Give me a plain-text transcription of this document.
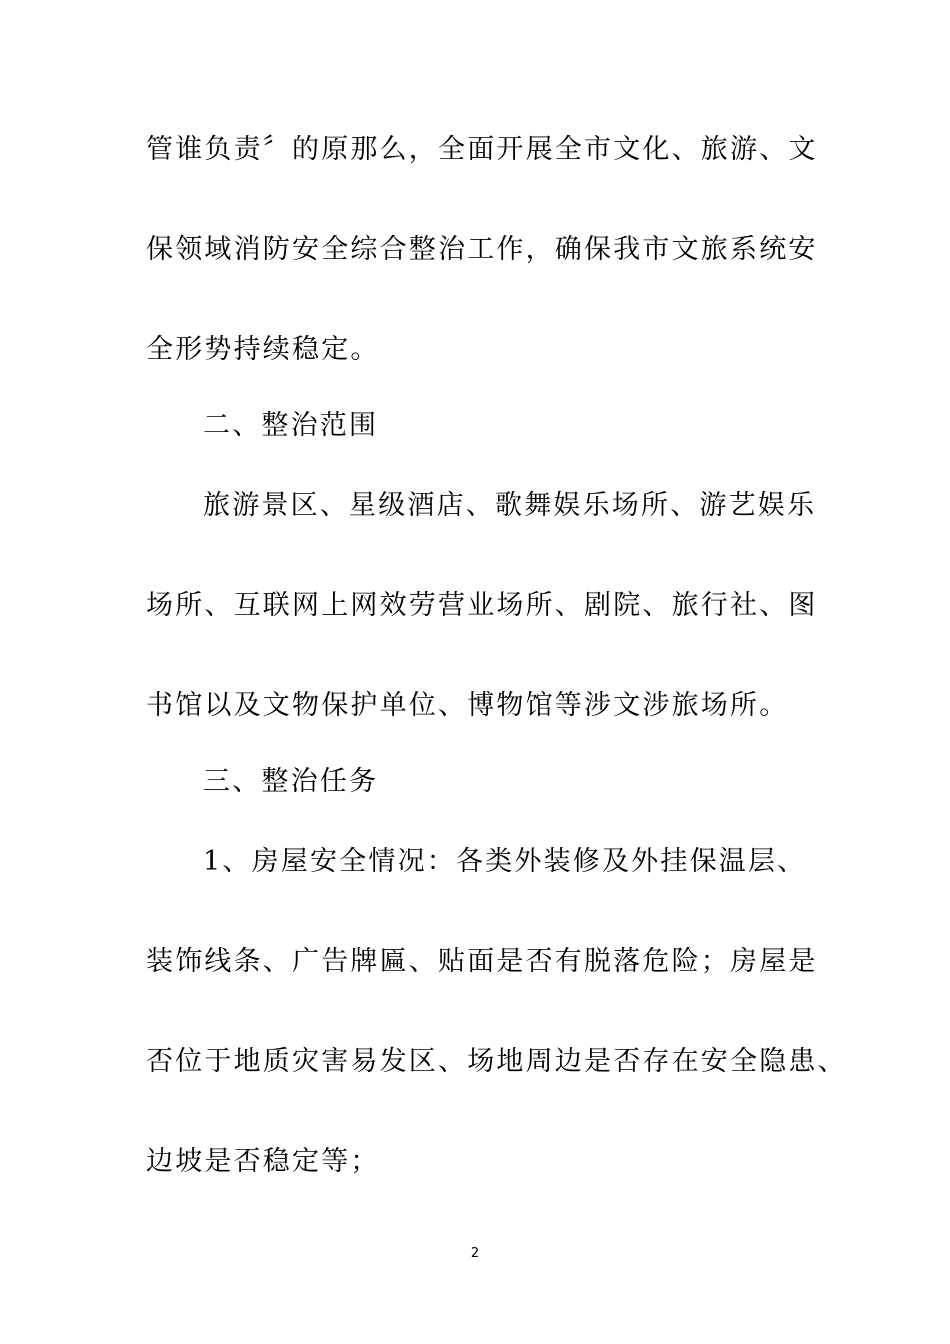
管谁负责〞的原那么，全面开展全市文化、旅游、文
保领域消防安全综合整治工作，确保我市文旅系统安
全形势持续稳定。
二、整治范围
旅游景区、星级酒店、歌舞娱乐场所、游艺娱乐
场所、互联网上网效劳营业场所、剧院、旅行社、图
书馆以及文物保护单位、博物馆等涉文涉旅场所。
三、整治任务
1、房屋安全情况：各类外装修及外挂保温层、
装饰线条、广告牌匾、贴面是否有脱落危险；房屋是
否位于地质灾害易发区、场地周边是否存在安全隐患、
边坡是否稳定等；
2
